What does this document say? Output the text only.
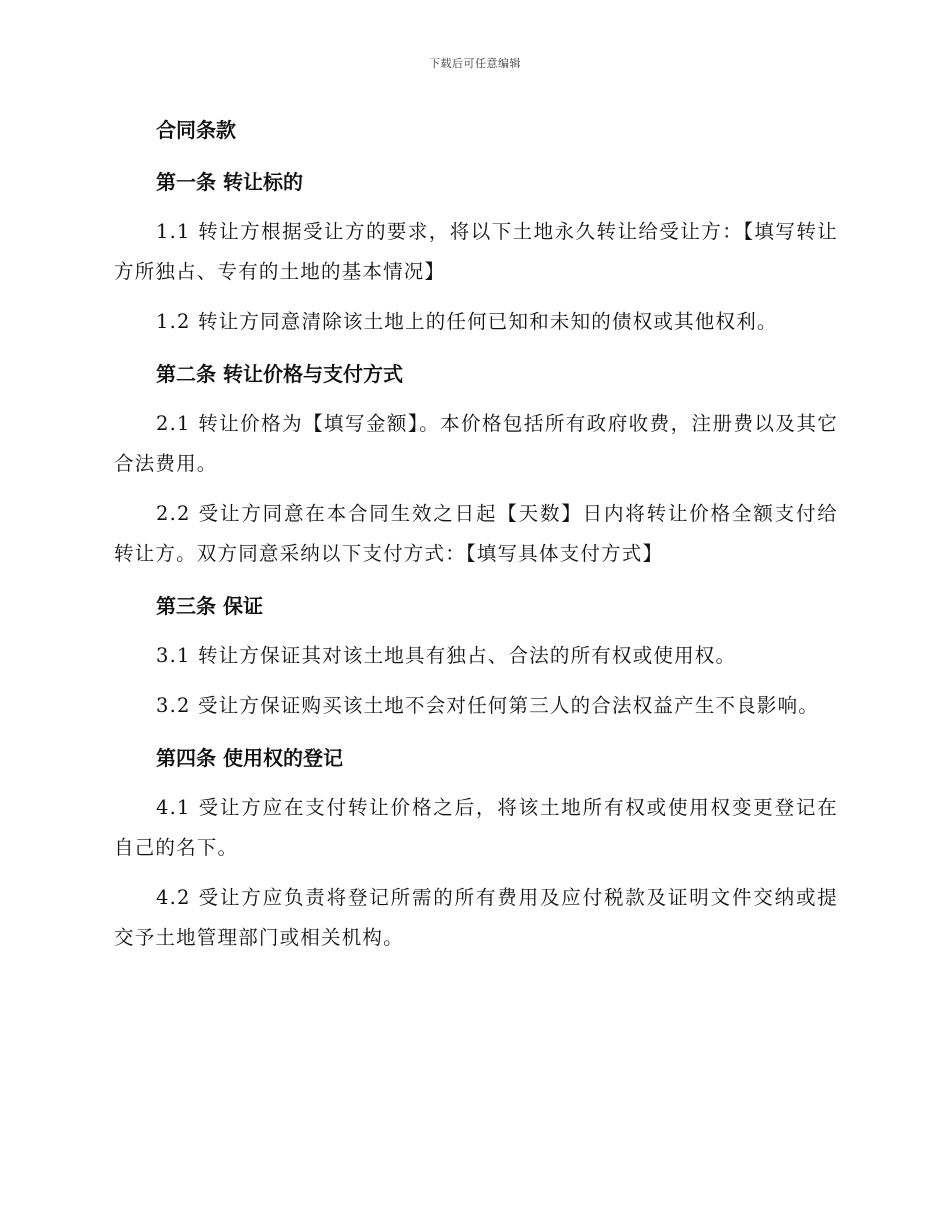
下载后可任意编辑
合同条款
第一条 转让标的
1.1 转让方根据受让方的要求，将以下土地永久转让给受让方：【填写转让方所独占、专有的土地的基本情况】
1.2 转让方同意清除该土地上的任何已知和未知的债权或其他权利。
第二条 转让价格与支付方式
2.1 转让价格为【填写金额】。本价格包括所有政府收费，注册费以及其它合法费用。
2.2 受让方同意在本合同生效之日起【天数】日内将转让价格全额支付给转让方。双方同意采纳以下支付方式：【填写具体支付方式】
第三条 保证
3.1 转让方保证其对该土地具有独占、合法的所有权或使用权。
3.2 受让方保证购买该土地不会对任何第三人的合法权益产生不良影响。
第四条 使用权的登记
4.1 受让方应在支付转让价格之后，将该土地所有权或使用权变更登记在自己的名下。
4.2 受让方应负责将登记所需的所有费用及应付税款及证明文件交纳或提交予土地管理部门或相关机构。
